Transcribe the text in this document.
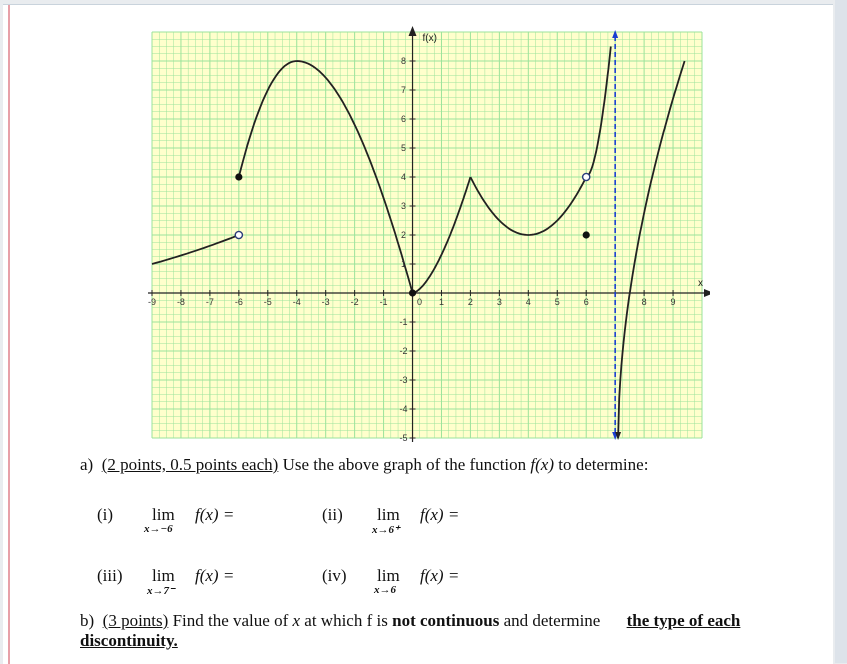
-9 -8 -7 -6 -5 -4 -3 -2 -1	0 1	2	3	4	5	6	8	9
8
7
6
5
4
3
2
1
-1
-2
-3
-4
-5
f(x)
x
a) (2 points, 0.5 points each) Use the above graph of the function f(x) to determine:
(i) lim
x→−6
f(x) =	(ii) lim
x→6⁺
f(x) =
(iii) lim
x→7⁻
f(x) =	(iv) lim
x→6
f(x) =
b) (3 points) Find the value of x at which f is not continuous and determine the type of each discontinuity.
